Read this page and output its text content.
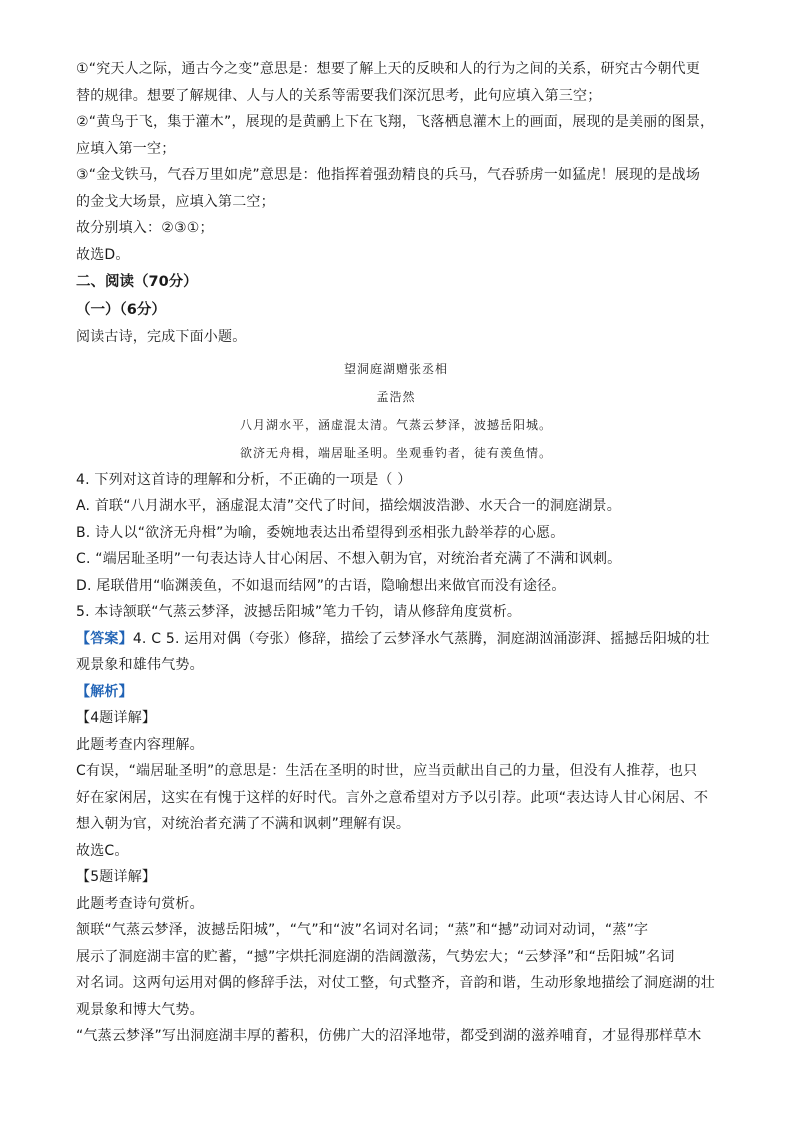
①“究天人之际，通古今之变”意思是：想要了解上天的反映和人的行为之间的关系，研究古今朝代更
替的规律。想要了解规律、人与人的关系等需要我们深沉思考，此句应填入第三空；
②“黄鸟于飞，集于灌木”，展现的是黄鹂上下在飞翔，飞落栖息灌木上的画面，展现的是美丽的图景，
应填入第一空；
③“金戈铁马，气吞万里如虎”意思是：他指挥着强劲精良的兵马，气吞骄虏一如猛虎！展现的是战场
的金戈大场景，应填入第二空；
故分别填入：②③①；
故选D。
二、阅读（70分）
（一）（6分）
阅读古诗，完成下面小题。
望洞庭湖赠张丞相
孟浩然
八月湖水平，涵虚混太清。气蒸云梦泽，波撼岳阳城。
欲济无舟楫，端居耻圣明。坐观垂钓者，徒有羡鱼情。
4. 下列对这首诗的理解和分析，不正确的一项是（ ）
A. 首联“八月湖水平，涵虚混太清”交代了时间，描绘烟波浩渺、水天合一的洞庭湖景。
B. 诗人以“欲济无舟楫”为喻，委婉地表达出希望得到丞相张九龄举荐的心愿。
C. “端居耻圣明”一句表达诗人甘心闲居、不想入朝为官，对统治者充满了不满和讽刺。
D. 尾联借用“临渊羡鱼，不如退而结网”的古语，隐喻想出来做官而没有途径。
5. 本诗颔联“气蒸云梦泽，波撼岳阳城”笔力千钧，请从修辞角度赏析。
【答案】4. C 5. 运用对偶（夸张）修辞，描绘了云梦泽水气蒸腾，洞庭湖汹涌澎湃、摇撼岳阳城的壮
观景象和雄伟气势。
【解析】
【4题详解】
此题考查内容理解。
C有误，“端居耻圣明”的意思是：生活在圣明的时世，应当贡献出自己的力量，但没有人推荐，也只
好在家闲居，这实在有愧于这样的好时代。言外之意希望对方予以引荐。此项“表达诗人甘心闲居、不
想入朝为官，对统治者充满了不满和讽刺”理解有误。
故选C。
【5题详解】
此题考查诗句赏析。
颔联“气蒸云梦泽，波撼岳阳城”，“气”和“波”名词对名词；“蒸”和“撼”动词对动词，“蒸”字
展示了洞庭湖丰富的贮蓄，“撼”字烘托洞庭湖的浩阔激荡，气势宏大；“云梦泽”和“岳阳城”名词
对名词。这两句运用对偶的修辞手法，对仗工整，句式整齐，音韵和谐，生动形象地描绘了洞庭湖的壮
观景象和博大气势。
“气蒸云梦泽”写出洞庭湖丰厚的蓄积，仿佛广大的沼泽地带，都受到湖的滋养哺育，才显得那样草木
